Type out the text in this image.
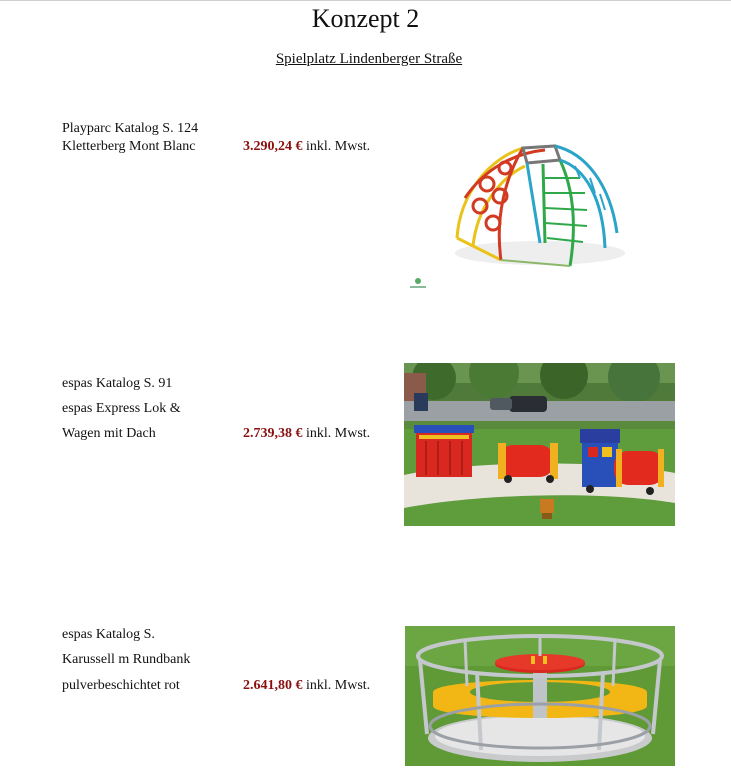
Konzept 2
Spielplatz Lindenberger Straße
Playparc Katalog S. 124
Kletterberg Mont Blanc	3.290,24 € inkl. Mwst.
espas Katalog S. 91
espas Express Lok &
Wagen mit Dach	2.739,38 € inkl. Mwst.
espas Katalog S.
Karussell m Rundbank
pulverbeschichtet rot	2.641,80 € inkl. Mwst.
